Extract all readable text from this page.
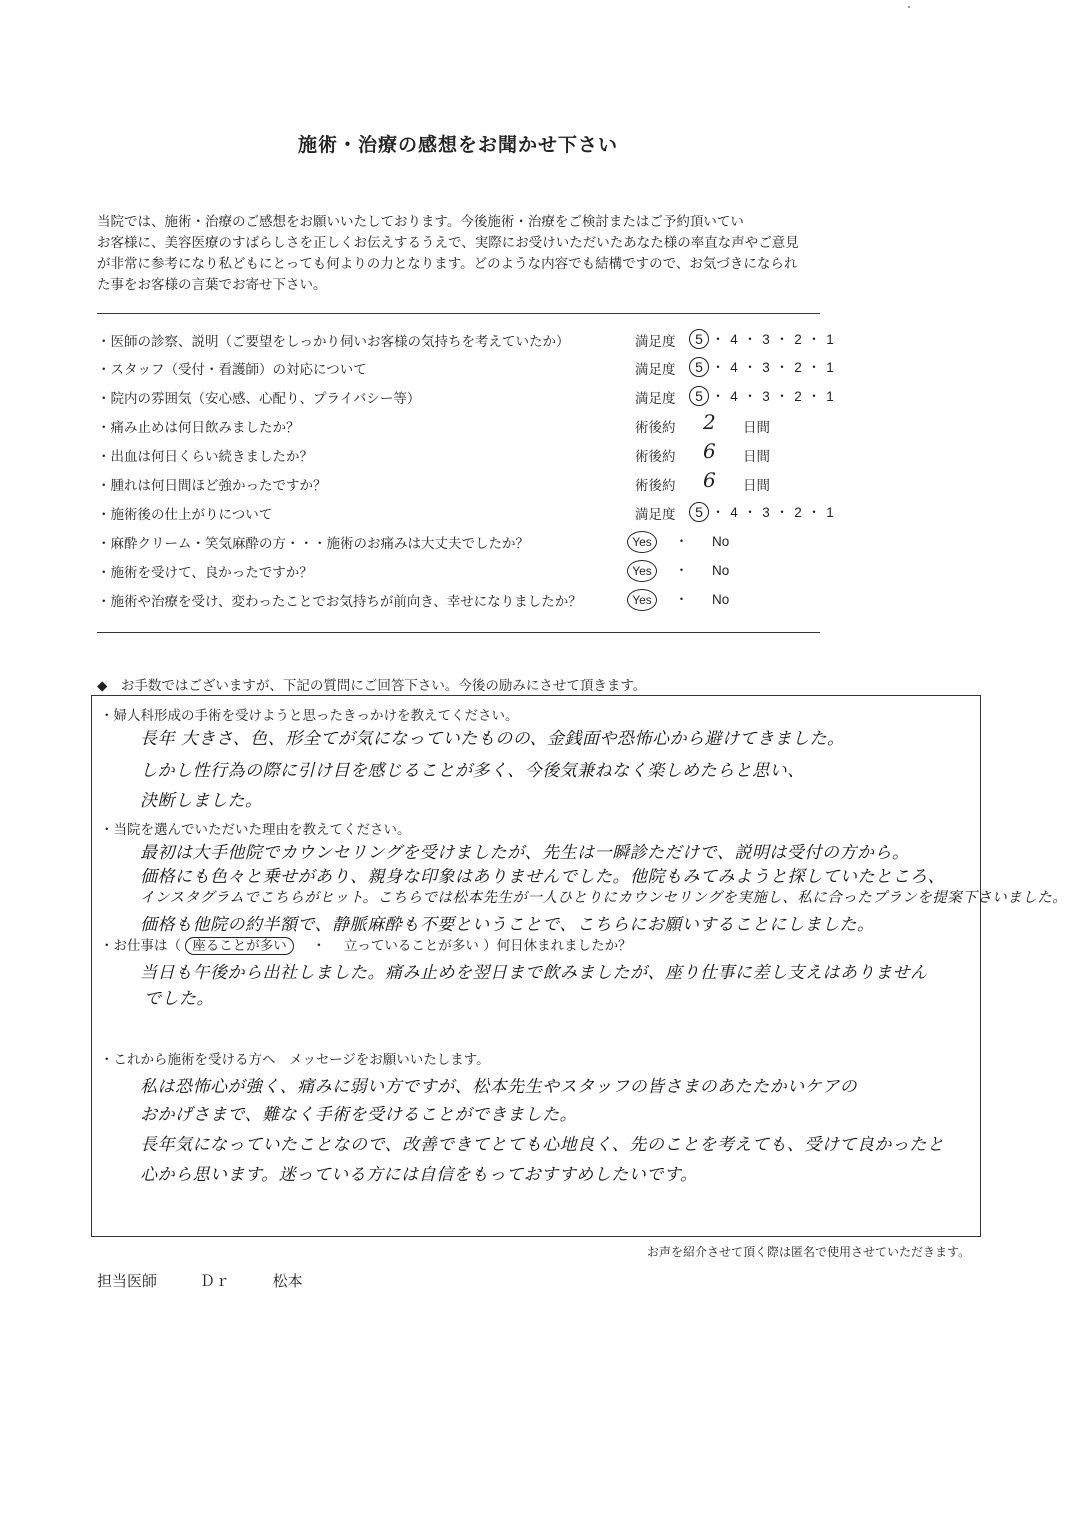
施術・治療の感想をお聞かせ下さい
当院では、施術・治療のご感想をお願いいたしております。今後施術・治療をご検討またはご予約頂いてい
お客様に、美容医療のすばらしさを正しくお伝えするうえで、実際にお受けいただいたあなた様の率直な声やご意見
が非常に参考になり私どもにとっても何よりの力となります。どのような内容でも結構ですので、お気づきになられ
た事をお客様の言葉でお寄せ下さい。
・医師の診察、説明（ご要望をしっかり伺いお客様の気持ちを考えていたか）	満足度	5 ・ 4 ・ 3 ・ 2 ・ 1
・スタッフ（受付・看護師）の対応について	満足度	5 ・ 4 ・ 3 ・ 2 ・ 1
・院内の雰囲気（安心感、心配り、プライバシー等）	満足度	5 ・ 4 ・ 3 ・ 2 ・ 1
・痛み止めは何日飲みましたか？	術後約 2 日間
・出血は何日くらい続きましたか？	術後約 6 日間
・腫れは何日間ほど強かったですか？	術後約 6 日間
・施術後の仕上がりについて	満足度	5 ・ 4 ・ 3 ・ 2 ・ 1
・麻酔クリーム・笑気麻酔の方・・・施術のお痛みは大丈夫でしたか？	Yes ・ No
・施術を受けて、良かったですか？	Yes ・ No
・施術や治療を受け、変わったことでお気持ちが前向き、幸せになりましたか？	Yes ・ No
◆　お手数ではございますが、下記の質問にご回答下さい。今後の励みにさせて頂きます。
・婦人科形成の手術を受けようと思ったきっかけを教えてください。
長年 大きさ、色、形全てが気になっていたものの、金銭面や恐怖心から避けてきました。
しかし性行為の際に引け目を感じることが多く、今後気兼ねなく楽しめたらと思い、
決断しました。
・当院を選んでいただいた理由を教えてください。
最初は大手他院でカウンセリングを受けましたが、先生は一瞬診ただけで、説明は受付の方から。
価格にも色々と乗せがあり、親身な印象はありませんでした。他院もみてみようと探していたところ、
インスタグラムでこちらがヒット。こちらでは松本先生が一人ひとりにカウンセリングを実施し、私に合ったプランを提案下さいました。
価格も他院の約半額で、静脈麻酔も不要ということで、こちらにお願いすることにしました。
・お仕事は（ 座ることが多い ・ 立っていることが多い ）何日休まれましたか？
当日も午後から出社しました。痛み止めを翌日まで飲みましたが、座り仕事に差し支えはありません
でした。
・これから施術を受ける方へ　メッセージをお願いいたします。
私は恐怖心が強く、痛みに弱い方ですが、松本先生やスタッフの皆さまのあたたかいケアの
おかげさまで、難なく手術を受けることができました。
長年気になっていたことなので、改善できてとても心地良く、先のことを考えても、受けて良かったと
心から思います。迷っている方には自信をもっておすすめしたいです。
お声を紹介させて頂く際は匿名で使用させていただきます。
担当医師	Ｄｒ	松本
